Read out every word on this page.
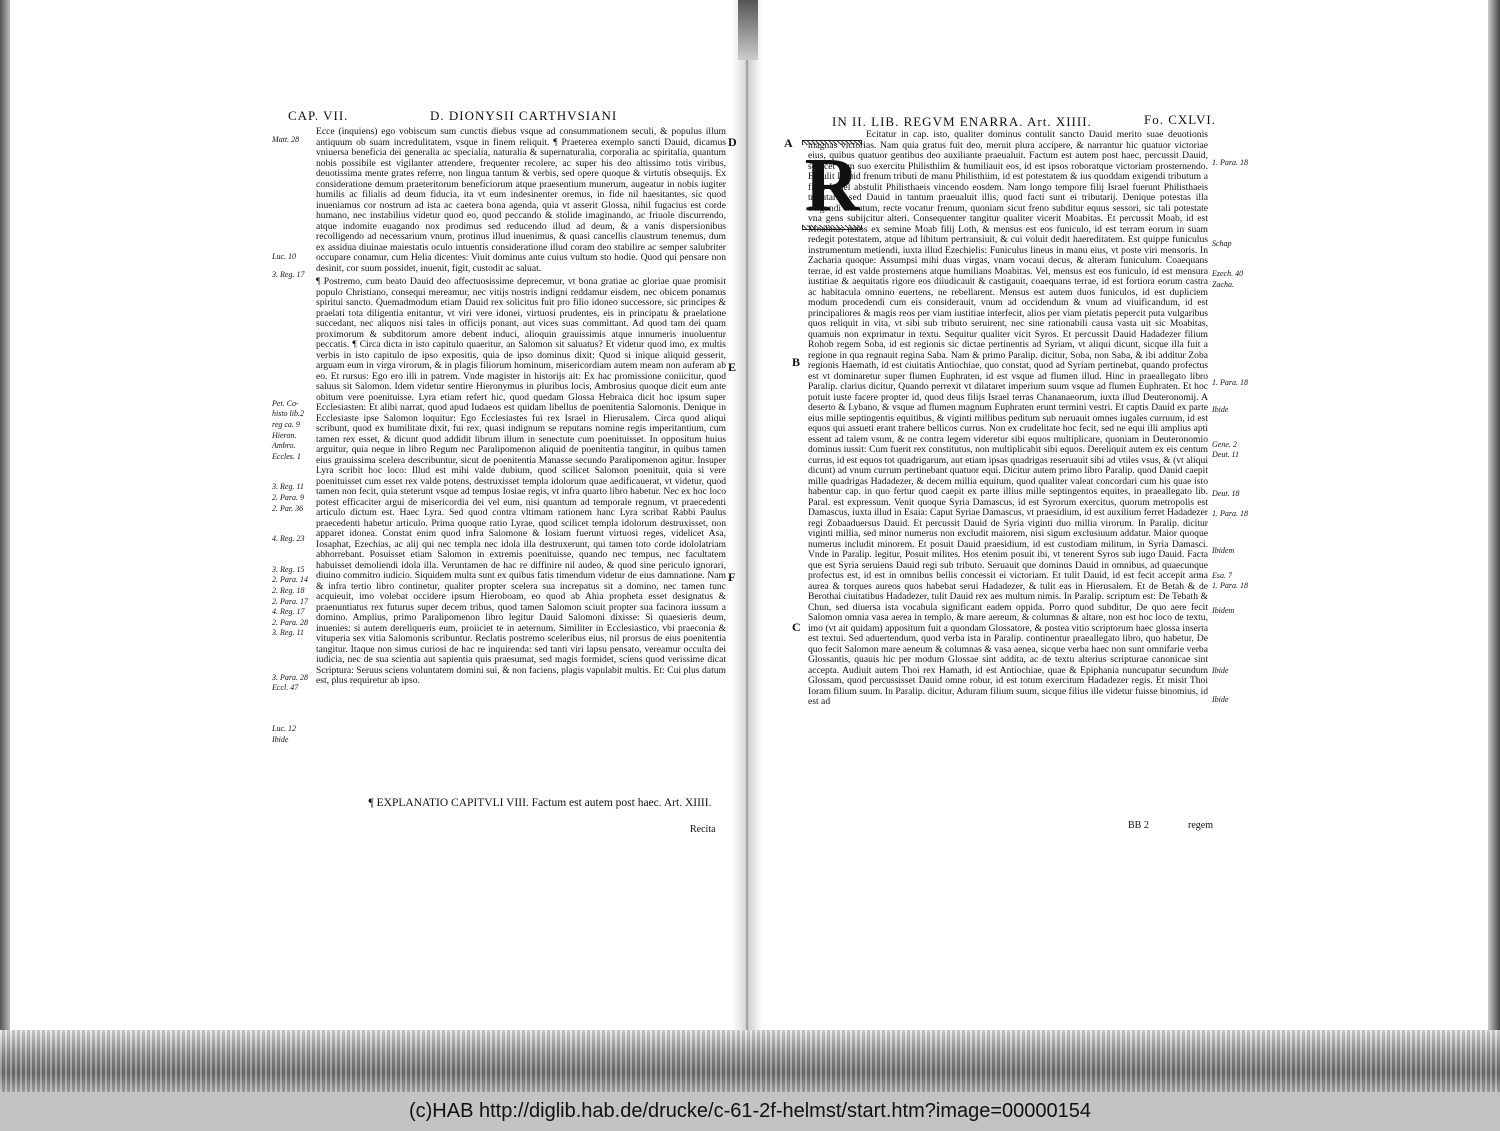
CAP. VII.	D. DIONYSII CARTHVSIANI
D
E
F
Matt. 28
Luc. 10
3. Reg. 17
Pet. Co-
histo lib.2
reg ca. 9
Hieron.
Ambro.
Eccles. 1
3. Reg. 11
2. Para. 9
2. Par. 36
4. Reg. 23
3. Reg. 15
2. Para. 14
2. Reg. 18
2. Para. 17
4. Reg. 17
2. Para. 28
3. Reg. 11
3. Para. 28
Eccl. 47
Luc. 12
Ibide

Ecce (inquiens) ego vobiscum sum cunctis diebus vsque ad consummationem seculi, & populus illum antiquum ob suam incredulitatem, vsque in finem reliquit. ¶ Praeterea exemplo sancti Dauid, dicamus vniuersa beneficia dei generalia ac specialia, naturalia & supernaturalia, corporalia ac spiritalia, quantum nobis possibile est vigilanter attendere, frequenter recolere, ac super his deo altissimo totis viribus, deuotissima mente grates referre, non lingua tantum & verbis, sed opere quoque & virtutis obsequijs. Ex consideratione demum praeteritorum beneficiorum atque praesentium munerum, augeatur in nobis iugiter humilis ac filialis ad deum fiducia, ita vt eum indesinenter oremus, in fide nil haesitantes, sic quod inueniamus cor nostrum ad ista ac caetera bona agenda, quia vt asserit Glossa, nihil fugacius est corde humano, nec instabilius videtur quod eo, quod peccando & stolide imaginando, ac friuole discurrendo, atque indomite euagando nox prodimus sed reducendo illud ad deum, & a vanis dispersionibus recolligendo ad necessarium vnum, protinus illud inuenimus, & quasi cancellis claustrum tenemus, dum ex assidua diuinae maiestatis oculo intuentis consideratione illud coram deo stabilire ac semper salubriter occupare conamur, cum Helia dicentes: Viuit dominus ante cuius vultum sto hodie. Quod qui pensare non desinit, cor suum possidet, inuenit, figit, custodit ac saluat.

¶ Postremo, cum beato Dauid deo affectuosissime deprecemur, vt bona gratiae ac gloriae quae promisit populo Christiano, consequi mereamur, nec vitijs nostris indigni reddamur eisdem, nec obicem ponamus spiritui sancto. Quemadmodum etiam Dauid rex solicitus fuit pro filio idoneo successore, sic principes & praelati tota diligentia enitantur, vt viri vere idonei, virtuosi prudentes, eis in principatu & praelatione succedant, nec aliquos nisi tales in officijs ponant, aut vices suas committant. Ad quod tam dei quam proximorum & subditorum amore debent induci, alioquin grauissimis atque innumeris inuoluentur peccatis. ¶ Circa dicta in isto capitulo quaeritur, an Salomon sit saluatus? Et videtur quod imo, ex multis verbis in isto capitulo de ipso expositis, quia de ipso dominus dixit: Quod si inique aliquid gesserit, arguam eum in virga virorum, & in plagis filiorum hominum, misericordiam autem meam non auferam ab eo. Et rursus: Ego ero illi in patrem. Vnde magister in historijs ait: Ex hac promissione coniicitur, quod saluus sit Salomon. Idem videtur sentire Hieronymus in pluribus locis, Ambrosius quoque dicit eum ante obitum vere poenituisse. Lyra etiam refert hic, quod quedam Glossa Hebraica dicit hoc ipsum super Ecclesiasten: Et alibi narrat, quod apud Iudaeos est quidam libellus de poenitentia Salomonis. Denique in Ecclesiaste ipse Salomon loquitur: Ego Ecclesiastes fui rex Israel in Hierusalem. Circa quod aliqui scribunt, quod ex humilitate dixit, fui rex, quasi indignum se reputans nomine regis imperitantium, cum tamen rex esset, & dicunt quod addidit librum illum in senectute cum poenituisset. In oppositum huius arguitur, quia neque in libro Regum nec Paralipomenon aliquid de poenitentia tangitur, in quibus tamen eius grauissima scelera describuntur, sicut de poenitentia Manasse secundo Paralipomenon agitur. Insuper Lyra scribit hoc loco: Illud est mihi valde dubium, quod scilicet Salomon poenituit, quia si vere poenituisset cum esset rex valde potens, destruxisset templa idolorum quae aedificauerat, vt videtur, quod tamen non fecit, quia steterunt vsque ad tempus Iosiae regis, vt infra quarto libro habetur. Nec ex hoc loco potest efficaciter argui de misericordia dei vel eum, nisi quantum ad temporale regnum, vt praecedenti articulo dictum est. Haec Lyra. Sed quod contra vltimam rationem hanc Lyra scribat Rabbi Paulus praecedenti habetur articulo. Prima quoque ratio Lyrae, quod scilicet templa idolorum destruxisset, non apparet idonea. Constat enim quod infra Salomone & Iosiam fuerunt virtuosi reges, videlicet Asa, Iosaphat, Ezechias, ac alij qui nec templa nec idola illa destruxerunt, qui tamen toto corde idololatriam abhorrebant. Posuisset etiam Salomon in extremis poenituisse, quando nec tempus, nec facultatem habuisset demoliendi idola illa. Veruntamen de hac re diffinire nil audeo, & quod sine periculo ignorari, diuino commitro iudicio. Siquidem multa sunt ex quibus fatis timendum videtur de eius damnatione. Nam & infra tertio libro continetur, qualiter propter scelera sua increpatus sit a domino, nec tamen tunc acquieuit, imo volebat occidere ipsum Hieroboam, eo quod ab Ahia propheta esset designatus & praenuntiatus rex futurus super decem tribus, quod tamen Salomon sciuit propter sua facinora iussum a domino. Amplius, primo Paralipomenon libro legitur Dauid Salomoni dixisse: Si quaesieris deum, inuenies: si autem dereliqueris eum, proiiciet te in aeternum. Similiter in Ecclesiastico, vbi praeconia & vituperia sex vitia Salomonis scribuntur. Reclatis postremo sceleribus eius, nil prorsus de eius poenitentia tangitur. Itaque non simus curiosi de hac re inquirenda: sed tanti viri lapsu pensato, vereamur occulta dei iudicia, nec de sua scientia aut sapientia quis praesumat, sed magis formidet, sciens quod verissime dicat Scriptura: Seruus sciens voluntatem domini sui, & non faciens, plagis vapulabit multis. Et: Cui plus datum est, plus requiretur ab ipso.

¶ EXPLANATIO CAPITVLI VIII. Factum est autem post haec. Art. XIIII.
Recita
IN II. LIB. REGVM ENARRA. Art. XIIII.	Fo. CXLVI.
A
B
C
R	1. Para. 18
Schap
Ezech. 40
Zacha.
1. Para. 18
Ibide
Gene. 2
Deut. 11
Deut. 18
1. Para. 18
Ibidem
Esa. 7
1. Para. 18
Ibidem
Ibide
Ibide

Ecitatur in cap. isto, qualiter dominus contulit sancto Dauid merito suae deuotionis magnas victorias. Nam quia gratus fuit deo, meruit plura accipere, & narrantur hic quatuor victoriae eius, quibus quatuor gentibus deo auxiliante praeualuit. Factum est autem post haec, percussit Dauid, scilicet cum suo exercitu Philisthiim & humiliauit eos, id est ipsos roboratque victoriam prosternendo. Et tulit Dauid frenum tributi de manu Philisthiim, id est potestatem & ius quoddam exigendi tributum a filijs Israel abstulit Philisthaeis vincendo eosdem. Nam longo tempore filij Israel fuerunt Philisthaeis tributarij, sed Dauid in tantum praeualuit illis, quod facti sunt ei tributarij. Denique potestas illa exigendi tributum, recte vocatur frenum, quoniam sicut freno subditur equus sessori, sic tali potestate vna gens subijcitur alteri. Consequenter tangitur qualiter vicerit Moabitas. Et percussit Moab, id est Moabitas natos ex semine Moab filij Loth, & mensus est eos funiculo, id est terram eorum in suam redegit potestatem, atque ad libitum pertransiuit, & cui voluit dedit haereditatem. Est quippe funiculus instrumentum metiendi, iuxta illud Ezechielis: Funiculus lineus in manu eius, vt poste viri mensoris. In Zacharia quoque: Assumpsi mihi duas virgas, vnam vocaui decus, & alteram funiculum. Coaequans terrae, id est valde prosternens atque humilians Moabitas. Vel, mensus est eos funiculo, id est mensura iustitiae & aequitatis rigore eos diiudicauit & castigauit, coaequans terrae, id est fortiora eorum castra ac habitacula omnino euertens, ne rebellarent. Mensus est autem duos funiculos, id est dupliciem modum procedendi cum eis considerauit, vnum ad occidendum & vnum ad viuificandum, id est principaliores & magis reos per viam iustitiae interfecit, alios per viam pietatis pepercit puta vulgaribus quos reliquit in vita, vt sibi sub tributo seruirent, nec sine rationabili causa vasta uit sic Moabitas, quamuis non exprimatur in textu. Sequitur qualiter vicit Syros. Et percussit Dauid Hadadezer filium Rohob regem Soba, id est regionis sic dictae pertinentis ad Syriam, vt aliqui dicunt, sicque illa fuit a regione in qua regnauit regina Saba. Nam & primo Paralip. dicitur, Soba, non Saba, & ibi additur Zoba regionis Haemath, id est ciuitatis Antiochiae, quo constat, quod ad Syriam pertinebat, quando profectus est vt dominaretur super flumen Euphraten, id est vsque ad flumen illud. Hinc in praeallegato libro Paralip. clarius dicitur, Quando perrexit vt dilataret imperium suum vsque ad flumen Euphraten. Et hoc potuit iuste facere propter id, quod deus filijs Israel terras Chananaeorum, iuxta illud Deuteronomij. A deserto & Lybano, & vsque ad flumen magnum Euphraten erunt termini vestri. Et captis Dauid ex parte eius mille septingentis equitibus, & viginti millibus peditum sub neruauit omnes iugales curruum, id est equos qui assueti erant trahere bellicos currus. Non ex crudelitate hoc fecit, sed ne equi illi amplius apti essent ad talem vsum, & ne contra legem videretur sibi equos multiplicare, quoniam in Deuteronomio dominus iussit: Cum fuerit rex constitutus, non multiplicabit sibi equos. Dereliquit autem ex eis centum currus, id est equos tot quadrigarum, aut etiam ipsas quadrigas reseruauit sibi ad vtiles vsus, & (vt aliqui dicunt) ad vnum currum pertinebant quatuor equi. Dicitur autem primo libro Paralip. quod Dauid caepit mille quadrigas Hadadezer, & decem millia equitum, quod qualiter valeat concordari cum his quae isto habentur cap. in quo fertur quod caepit ex parte illius mille septingentos equites, in praeallegato lib. Paral. est expressum. Venit quoque Syria Damascus, id est Syrorum exercitus, quorum metropolis est Damascus, iuxta illud in Esaia: Caput Syriae Damascus, vt praesidium, id est auxilium ferret Hadadezer regi Zobaaduersus Dauid. Et percussit Dauid de Syria viginti duo millia virorum. In Paralip. dicitur viginti millia, sed minor numerus non excludit maiorem, nisi sigum exclusiuum addatur. Maior quoque numerus includit minorem. Et posuit Dauid praesidium, id est custodiam militum, in Syria Damasci. Vnde in Paralip. legitur, Posuit milites. Hos etenim posuit ibi, vt tenerent Syros sub iugo Dauid. Facta que est Syria seruiens Dauid regi sub tributo. Seruauit que dominus Dauid in omnibus, ad quaecunque profectus est, id est in omnibus bellis concessit ei victoriam. Et tulit Dauid, id est fecit accepit arma aurea & torques aureos quos habebat serui Hadadezer, & tulit eas in Hierusalem. Et de Betah & de Berothai ciuitatibus Hadadezer, tulit Dauid rex aes multum nimis. In Paralip. scriptum est: De Tebath & Chun, sed diuersa ista vocabula significant eadem oppida. Porro quod subditur, De quo aere fecit Salomon omnia vasa aerea in templo, & mare aereum, & columnas & altare, non est hoc loco de textu, imo (vt ait quidam) appositum fuit a quondam Glossatore, & postea vitio scriptorum haec glossa inserta est textui. Sed aduertendum, quod verba ista in Paralip. continentur praeallegato libro, quo habetur, De quo fecit Salomon mare aeneum & columnas & vasa aenea, sicque verba haec non sunt omnifarie verba Glossantis, quauis hic per modum Glossae sint addita, ac de textu alterius scripturae canonicae sint accepta. Audiuit autem Thoi rex Hamath, id est Antiochiae, quae & Epiphania nuncupatur secundum Glossam, quod percussisset Dauid omne robur, id est totum exercitum Hadadezer regis. Et misit Thoi Ioram filium suum. In Paralip. dicitur, Aduram filium suum, sicque filius ille videtur fuisse binomius, id est ad

BB 2	regem
(c)HAB http://diglib.hab.de/drucke/c-61-2f-helmst/start.htm?image=00000154
